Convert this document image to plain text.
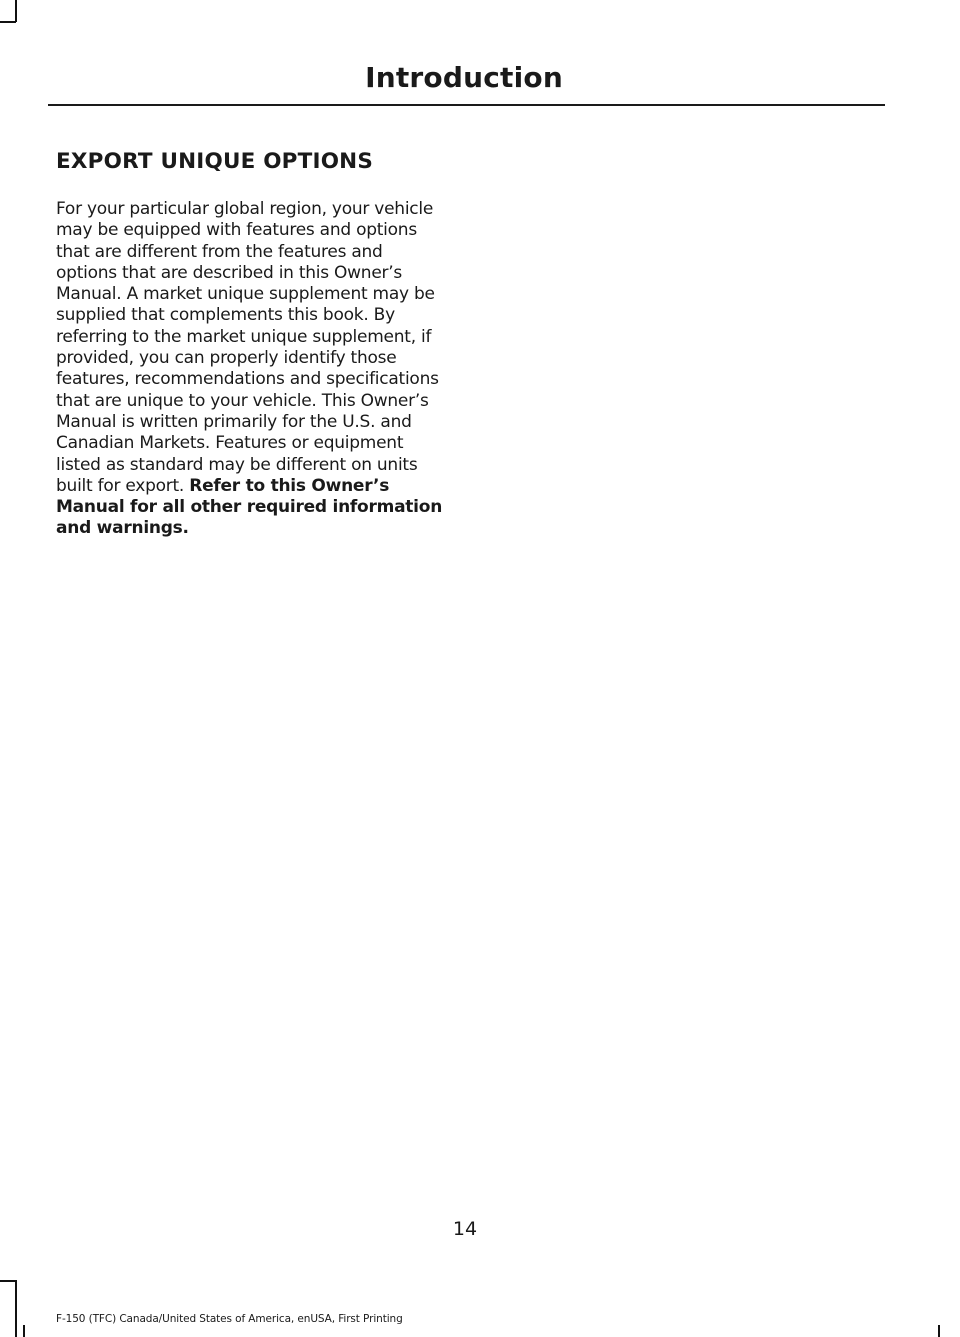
Introduction
EXPORT UNIQUE OPTIONS

For your particular global region, your vehicle may be equipped with features and options that are different from the features and options that are described in this Owner’s Manual. A market unique supplement may be supplied that complements this book. By referring to the market unique supplement, if provided, you can properly identify those features, recommendations and specifications that are unique to your vehicle. This Owner’s Manual is written primarily for the U.S. and Canadian Markets. Features or equipment listed as standard may be different on units built for export. Refer to this Owner’s Manual for all other required information and warnings.

14
F-150 (TFC) Canada/United States of America, enUSA, First Printing
